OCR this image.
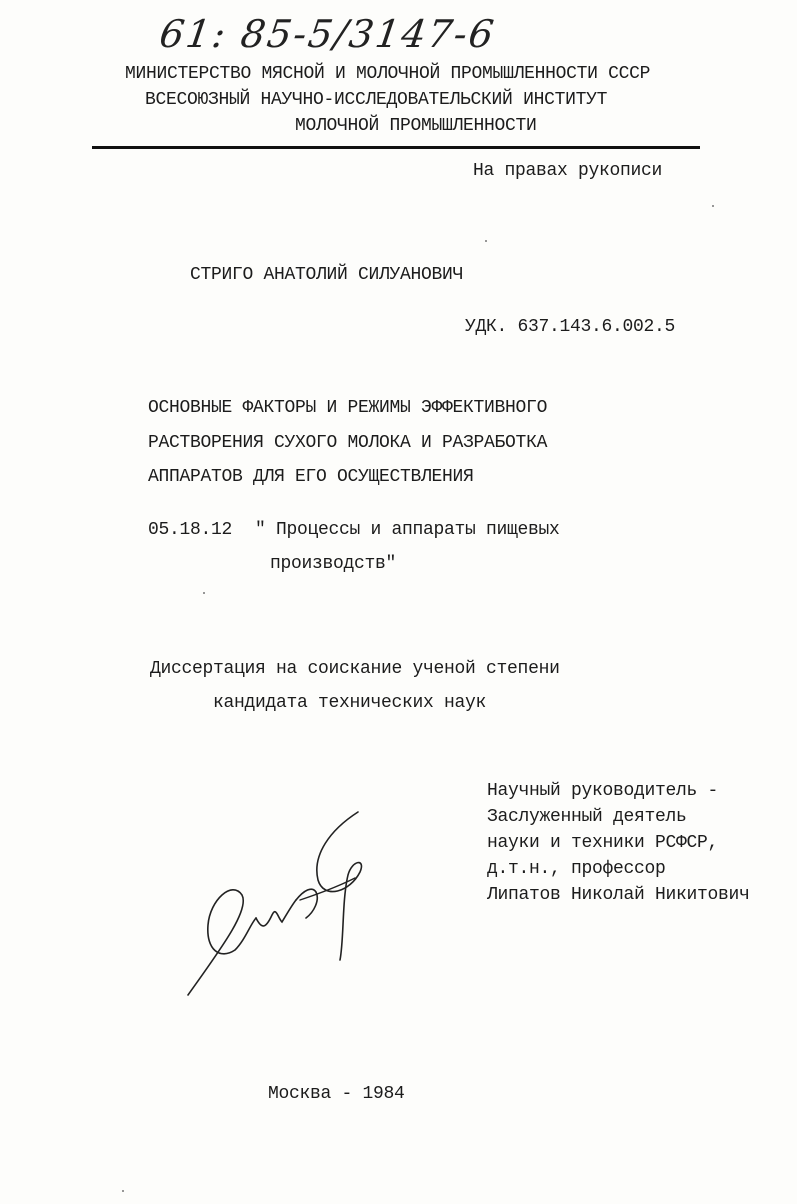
61: 85-5/3147-6
МИНИСТЕРСТВО МЯСНОЙ И МОЛОЧНОЙ ПРОМЫШЛЕННОСТИ СССР
ВСЕСОЮЗНЫЙ НАУЧНО-ИССЛЕДОВАТЕЛЬСКИЙ ИНСТИТУТ
МОЛОЧНОЙ ПРОМЫШЛЕННОСТИ
На правах рукописи
СТРИГО АНАТОЛИЙ СИЛУАНОВИЧ
УДК. 637.143.6.002.5
ОСНОВНЫЕ ФАКТОРЫ И РЕЖИМЫ ЭФФЕКТИВНОГО
РАСТВОРЕНИЯ СУХОГО МОЛОКА И РАЗРАБОТКА
АППАРАТОВ ДЛЯ ЕГО ОСУЩЕСТВЛЕНИЯ
05.18.12 " Процессы и аппараты пищевых
производств"
Диссертация на соискание ученой степени
кандидата технических наук
Научный руководитель -
Заслуженный деятель
науки и техники РСФСР,
д.т.н., профессор
Липатов Николай Никитович
Москва - 1984
